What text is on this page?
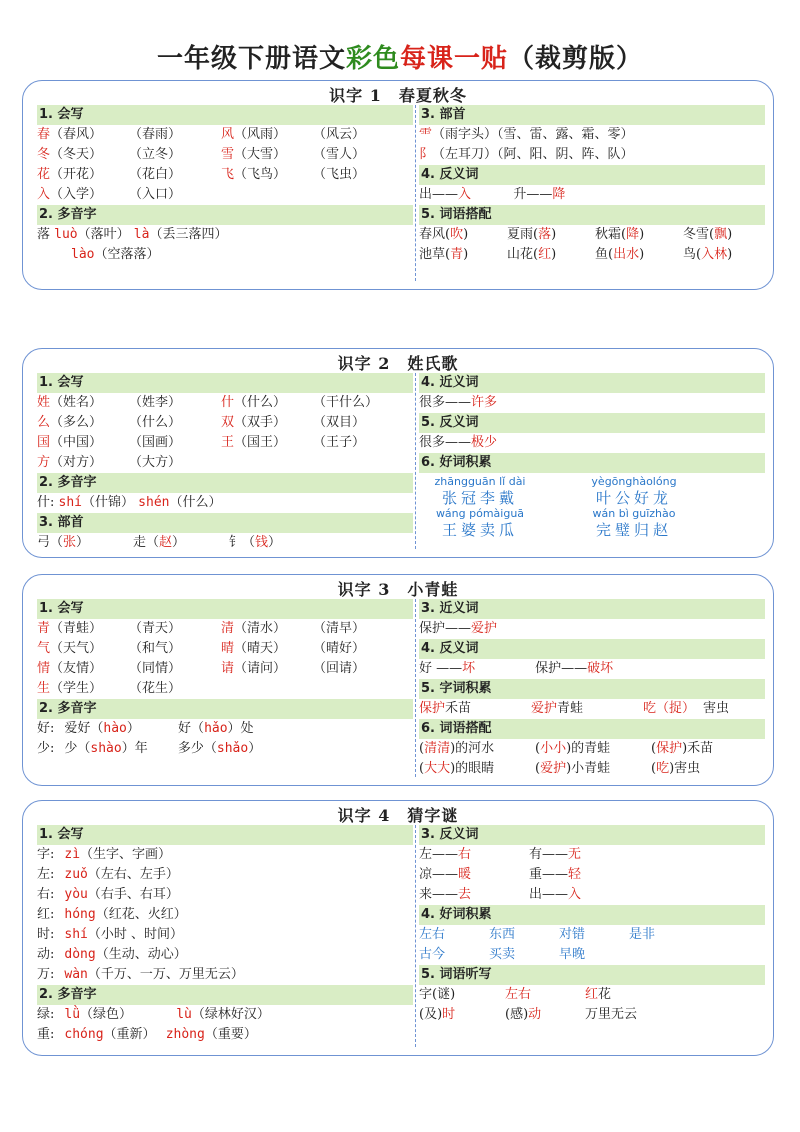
一年级下册语文彩色每课一贴（裁剪版）
识字 1　春夏秋冬
1. 会写
春（春风）	（春雨）	风（风雨）	（风云）
冬（冬天）	（立冬）	雪（大雪）	（雪人）
花（开花）	（花白）	飞（飞鸟）	（飞虫）
入（入学）	（入口）
2. 多音字
落 luò（落叶） là（丢三落四）
lào（空落落）
3. 部首
⻗（雨字头）（雪、雷、露、霜、零）
阝（左耳刀）（阿、阳、阴、阵、队）
4. 反义词
出——入	升——降
5. 词语搭配
春风(吹)	夏雨(落)	秋霜(降)	冬雪(飘)
池草(青)	山花(红)	鱼(出水)	鸟(入林)
识字 2　姓氏歌
1. 会写
姓（姓名）	（姓李）	什（什么）	（干什么）
么（多么）	（什么）	双（双手）	（双目）
国（中国）	（国画）	王（国王）	（王子）
方（对方）	（大方）
2. 多音字
什: shí（什锦） shén（什么）
3. 部首
弓（张）	走（赵）	钅（钱）
4. 近义词
很多——许多
5. 反义词
很多——极少
6. 好词积累
zhāngguān lǐ dài
张冠李戴
yègōnghàolóng
叶公好龙
wáng pómàiguā
王婆卖瓜
wán bì guīzhào
完璧归赵
识字 3　小青蛙
1. 会写
青（青蛙）	（青天）	清（清水）	（清早）
气（天气）	（和气）	晴（晴天）	（晴好）
情（友情）	（同情）	请（请问）	（回请）
生（学生）	（花生）
2. 多音字
好: 爱好（hào）	好（hǎo）处
少: 少（shào）年 多少（shǎo）
3. 近义词
保护——爱护
4. 反义词
好 ——坏	保护——破坏
5. 字词积累
保护禾苗	爱护青蛙	吃（捉） 害虫
6. 词语搭配
(清清)的河水	(小小)的青蛙	(保护)禾苗
(大大)的眼睛	(爱护)小青蛙	(吃)害虫
识字 4　猜字谜
1. 会写
字: zì（生字、字画）
左: zuǒ（左右、左手）
右: yòu（右手、右耳）
红: hóng（红花、火红）
时: shí（小时 、时间）
动: dòng（生动、动心）
万: wàn（千万、一万、万里无云）
2. 多音字
绿: lǜ（绿色）	lù（绿林好汉）
重: chóng（重新） zhòng（重要）
3. 反义词
左——右	有——无
凉——暖	重——轻
来——去	出——入
4. 好词积累
左右	东西	对错	是非
古今	买卖	早晚
5. 词语听写
字(谜)	左右	红花
(及)时	(感)动	万里无云
